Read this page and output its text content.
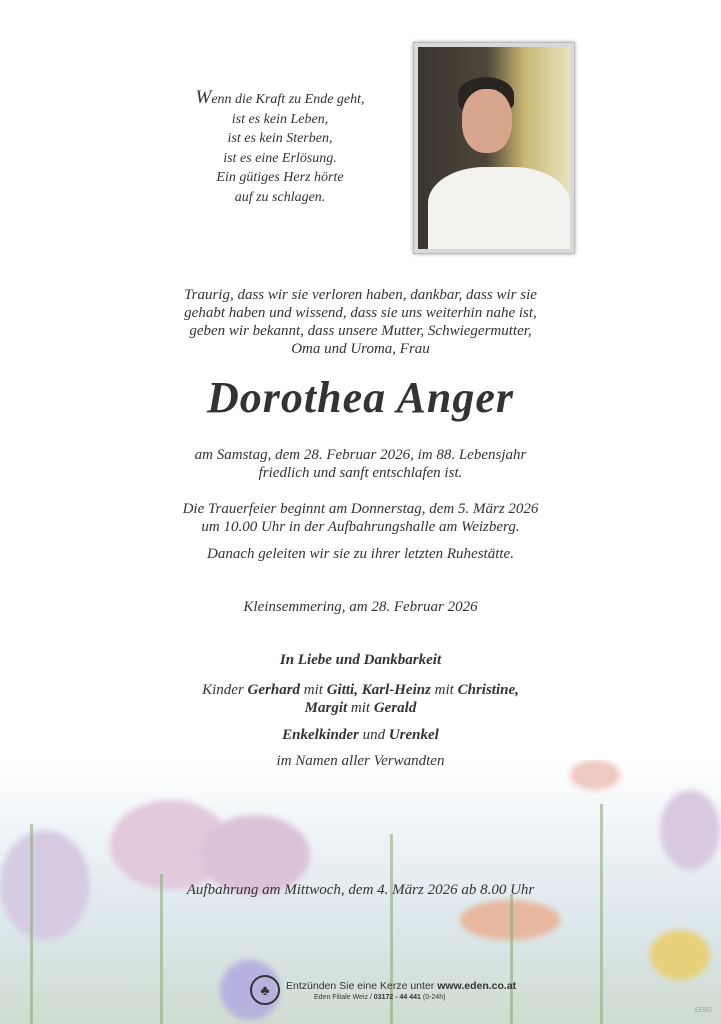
Wenn die Kraft zu Ende geht,
ist es kein Leben,
ist es kein Sterben,
ist es eine Erlösung.
Ein gütiges Herz hörte
auf zu schlagen.
Traurig, dass wir sie verloren haben, dankbar, dass wir sie
gehabt haben und wissend, dass sie uns weiterhin nahe ist,
geben wir bekannt, dass unsere Mutter, Schwiegermutter,
Oma und Uroma, Frau
Dorothea Anger
am Samstag, dem 28. Februar 2026, im 88. Lebensjahr
friedlich und sanft entschlafen ist.
Die Trauerfeier beginnt am Donnerstag, dem 5. März 2026
um 10.00 Uhr in der Aufbahrungshalle am Weizberg.
Danach geleiten wir sie zu ihrer letzten Ruhestätte.
Kleinsemmering, am 28. Februar 2026
In Liebe und Dankbarkeit
Kinder Gerhard mit Gitti, Karl-Heinz mit Christine,
Margit mit Gerald
Enkelkinder und Urenkel
im Namen aller Verwandten
Aufbahrung am Mittwoch, dem 4. März 2026 ab 8.00 Uhr
♣	Entzünden Sie eine Kerze unter www.eden.co.at
Eden Filiale Weiz / 03172 - 44 441 (0-24h)
EE957
